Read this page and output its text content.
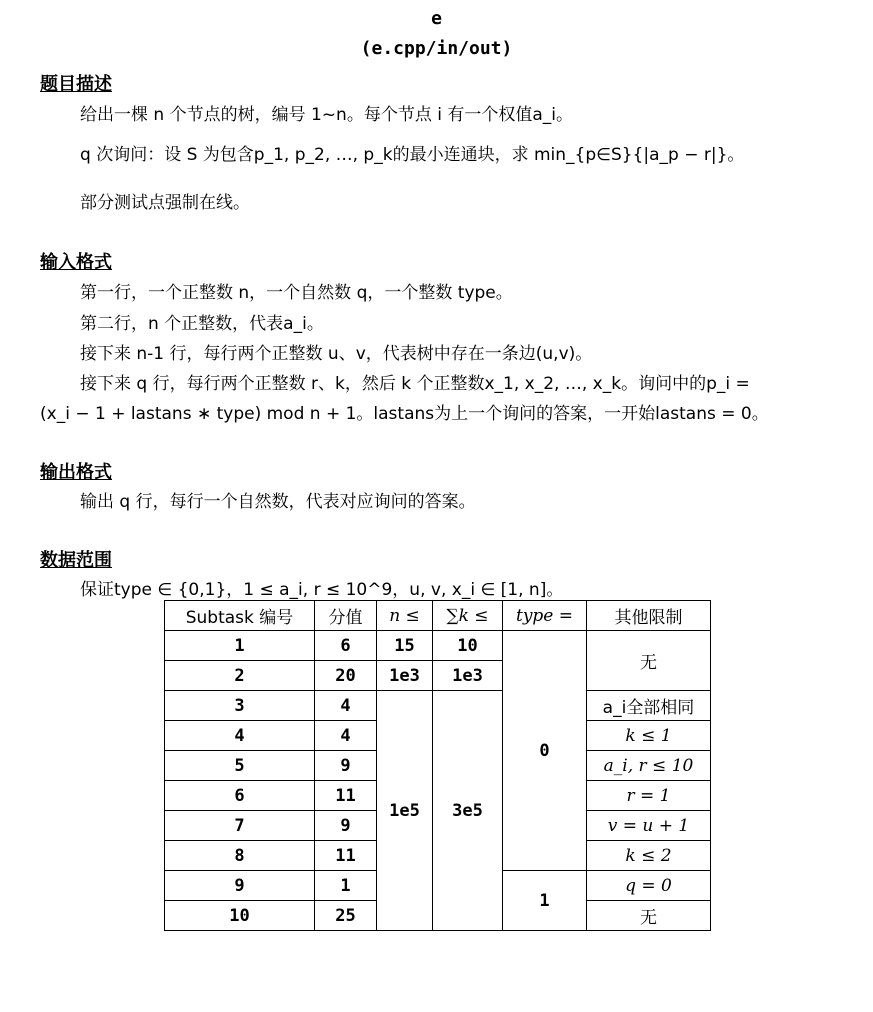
e
(e.cpp/in/out)
题目描述
给出一棵 n 个节点的树，编号 1~n。每个节点 i 有一个权值a_i。
q 次询问：设 S 为包含p_1, p_2, …, p_k的最小连通块，求 min_{p∈S}{|a_p − r|}。
部分测试点强制在线。
输入格式
第一行，一个正整数 n，一个自然数 q，一个整数 type。
第二行，n 个正整数，代表a_i。
接下来 n-1 行，每行两个正整数 u、v，代表树中存在一条边(u,v)。
接下来 q 行，每行两个正整数 r、k，然后 k 个正整数x_1, x_2, …, x_k。询问中的p_i =
(x_i − 1 + lastans ∗ type) mod n + 1。lastans为上一个询问的答案，一开始lastans = 0。
输出格式
输出 q 行，每行一个自然数，代表对应询问的答案。
数据范围
保证type ∈ {0,1}，1 ≤ a_i, r ≤ 10^9，u, v, x_i ∈ [1, n]。
Subtask 编号	分值	n ≤	∑k ≤	type =	其他限制
1	6	15	10	0	无
2	20	1e3	1e3		
3	4	1e5	3e5		a_i全部相同
4	4				k ≤ 1
5	9				a_i, r ≤ 10
6	11				r = 1
7	9				v = u + 1
8	11				k ≤ 2
9	1			1	q = 0
10	25				无
